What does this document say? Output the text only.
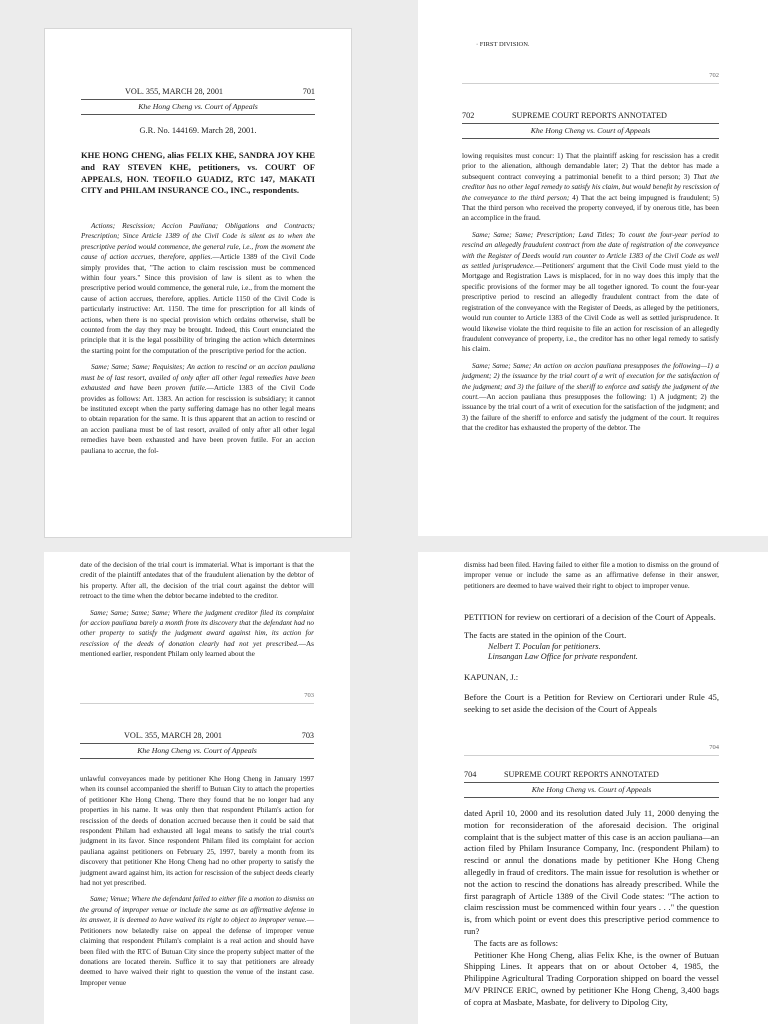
VOL. 355, MARCH 28, 2001	701
Khe Hong Cheng vs. Court of Appeals
G.R. No. 144169. March 28, 2001.

KHE HONG CHENG, alias FELIX KHE, SANDRA JOY KHE and RAY STEVEN KHE, petitioners, vs. COURT OF APPEALS, HON. TEOFILO GUADIZ, RTC 147, MAKATI CITY and PHILAM INSURANCE CO., INC., respondents.

Actions; Rescission; Accion Pauliana; Obligations and Contracts; Prescription; Since Article 1389 of the Civil Code is silent as to when the prescriptive period would commence, the general rule, i.e., from the moment the cause of action accrues, therefore, applies.—Article 1389 of the Civil Code simply provides that, "The action to claim rescission must be commenced within four years." Since this provision of law is silent as to when the prescriptive period would commence, the general rule, i.e., from the moment the cause of action accrues, therefore, applies. Article 1150 of the Civil Code is particularly instructive: Art. 1150. The time for prescription for all kinds of actions, when there is no special provision which ordains otherwise, shall be counted from the day they may be brought. Indeed, this Court enunciated the principle that it is the legal possibility of bringing the action which determines the starting point for the computation of the prescriptive period for the action.

Same; Same; Same; Requisites; An action to rescind or an accion pauliana must be of last resort, availed of only after all other legal remedies have been exhausted and have been proven futile.—Article 1383 of the Civil Code provides as follows: Art. 1383. An action for rescission is subsidiary; it cannot be instituted except when the party suffering damage has no other legal means to obtain reparation for the same. It is thus apparent that an action to rescind or an accion pauliana must be of last resort, availed of only after all other legal remedies have been exhausted and have been proven futile. For an accion pauliana to accrue, the fol-

· FIRST DIVISION.
702
702	SUPREME COURT REPORTS ANNOTATED
Khe Hong Cheng vs. Court of Appeals

lowing requisites must concur: 1) That the plaintiff asking for rescission has a credit prior to the alienation, although demandable later; 2) That the debtor has made a subsequent contract conveying a patrimonial benefit to a third person; 3) That the creditor has no other legal remedy to satisfy his claim, but would benefit by rescission of the conveyance to the third person; 4) That the act being impugned is fraudulent; 5) That the third person who received the property conveyed, if by onerous title, has been an accomplice in the fraud.

Same; Same; Same; Prescription; Land Titles; To count the four-year period to rescind an allegedly fraudulent contract from the date of registration of the conveyance with the Register of Deeds would run counter to Article 1383 of the Civil Code as well as settled jurisprudence.—Petitioners' argument that the Civil Code must yield to the Mortgage and Registration Laws is misplaced, for in no way does this imply that the specific provisions of the former may be all together ignored. To count the four-year prescriptive period to rescind an allegedly fraudulent contract from the date of registration of the conveyance with the Register of Deeds, as alleged by the petitioners, would run counter to Article 1383 of the Civil Code as well as settled jurisprudence. It would likewise violate the third requisite to file an action for rescission of an allegedly fraudulent conveyance of property, i.e., the creditor has no other legal remedy to satisfy his claim.

Same; Same; Same; An action on accion pauliana presupposes the following—1) a judgment; 2) the issuance by the trial court of a writ of execution for the satisfaction of the judgment; and 3) the failure of the sheriff to enforce and satisfy the judgment of the court.—An accion pauliana thus presupposes the following: 1) A judgment; 2) the issuance by the trial court of a writ of execution for the satisfaction of the judgment; and 3) the failure of the sheriff to enforce and satisfy the judgment of the court. It requires that the creditor has exhausted the property of the debtor. The

date of the decision of the trial court is immaterial. What is important is that the credit of the plaintiff antedates that of the fraudulent alienation by the debtor of his property. After all, the decision of the trial court against the debtor will retroact to the time when the debtor became indebted to the creditor.

Same; Same; Same; Same; Where the judgment creditor filed its complaint for accion pauliana barely a month from its discovery that the defendant had no other property to satisfy the judgment award against him, its action for rescission of the deeds of donation clearly had not yet prescribed.—As mentioned earlier, respondent Philam only learned about the

703
VOL. 355, MARCH 28, 2001	703
Khe Hong Cheng vs. Court of Appeals

unlawful conveyances made by petitioner Khe Hong Cheng in January 1997 when its counsel accompanied the sheriff to Butuan City to attach the properties of petitioner Khe Hong Cheng. There they found that he no longer had any properties in his name. It was only then that respondent Philam's action for rescission of the deeds of donation accrued because then it could be said that respondent Philam had exhausted all legal means to satisfy the trial court's judgment in its favor. Since respondent Philam filed its complaint for accion pauliana against petitioners on February 25, 1997, barely a month from its discovery that petitioner Khe Hong Cheng had no other property to satisfy the judgment award against him, its action for rescission of the subject deeds clearly had not yet prescribed.

Same; Venue; Where the defendant failed to either file a motion to dismiss on the ground of improper venue or include the same as an affirmative defense in its answer, it is deemed to have waived its right to object to improper venue.—Petitioners now belatedly raise on appeal the defense of improper venue claiming that respondent Philam's complaint is a real action and should have been filed with the RTC of Butuan City since the property subject matter of the donations are located therein. Suffice it to say that petitioners are already deemed to have waived their right to question the venue of the instant case. Improper venue

dismiss had been filed. Having failed to either file a motion to dismiss on the ground of improper venue or include the same as an affirmative defense in their answer, petitioners are deemed to have waived their right to object to improper venue.

PETITION for review on certiorari of a decision of the Court of Appeals.

The facts are stated in the opinion of the Court.

Nelbert T. Poculan for petitioners.

Linsangan Law Office for private respondent.

KAPUNAN, J.:

Before the Court is a Petition for Review on Certiorari under Rule 45, seeking to set aside the decision of the Court of Appeals

704
704	SUPREME COURT REPORTS ANNOTATED
Khe Hong Cheng vs. Court of Appeals

dated April 10, 2000 and its resolution dated July 11, 2000 denying the motion for reconsideration of the aforesaid decision. The original complaint that is the subject matter of this case is an accion pauliana—an action filed by Philam Insurance Company, Inc. (respondent Philam) to rescind or annul the donations made by petitioner Khe Hong Cheng allegedly in fraud of creditors. The main issue for resolution is whether or not the action to rescind the donations has already prescribed. While the first paragraph of Article 1389 of the Civil Code states: "The action to claim rescission must be commenced within four years . . ." the question is, from which point or event does this prescriptive period commence to run?

The facts are as follows:

Petitioner Khe Hong Cheng, alias Felix Khe, is the owner of Butuan Shipping Lines. It appears that on or about October 4, 1985, the Philippine Agricultural Trading Corporation shipped on board the vessel M/V PRINCE ERIC, owned by petitioner Khe Hong Cheng, 3,400 bags of copra at Masbate, Masbate, for delivery to Dipolog City,
